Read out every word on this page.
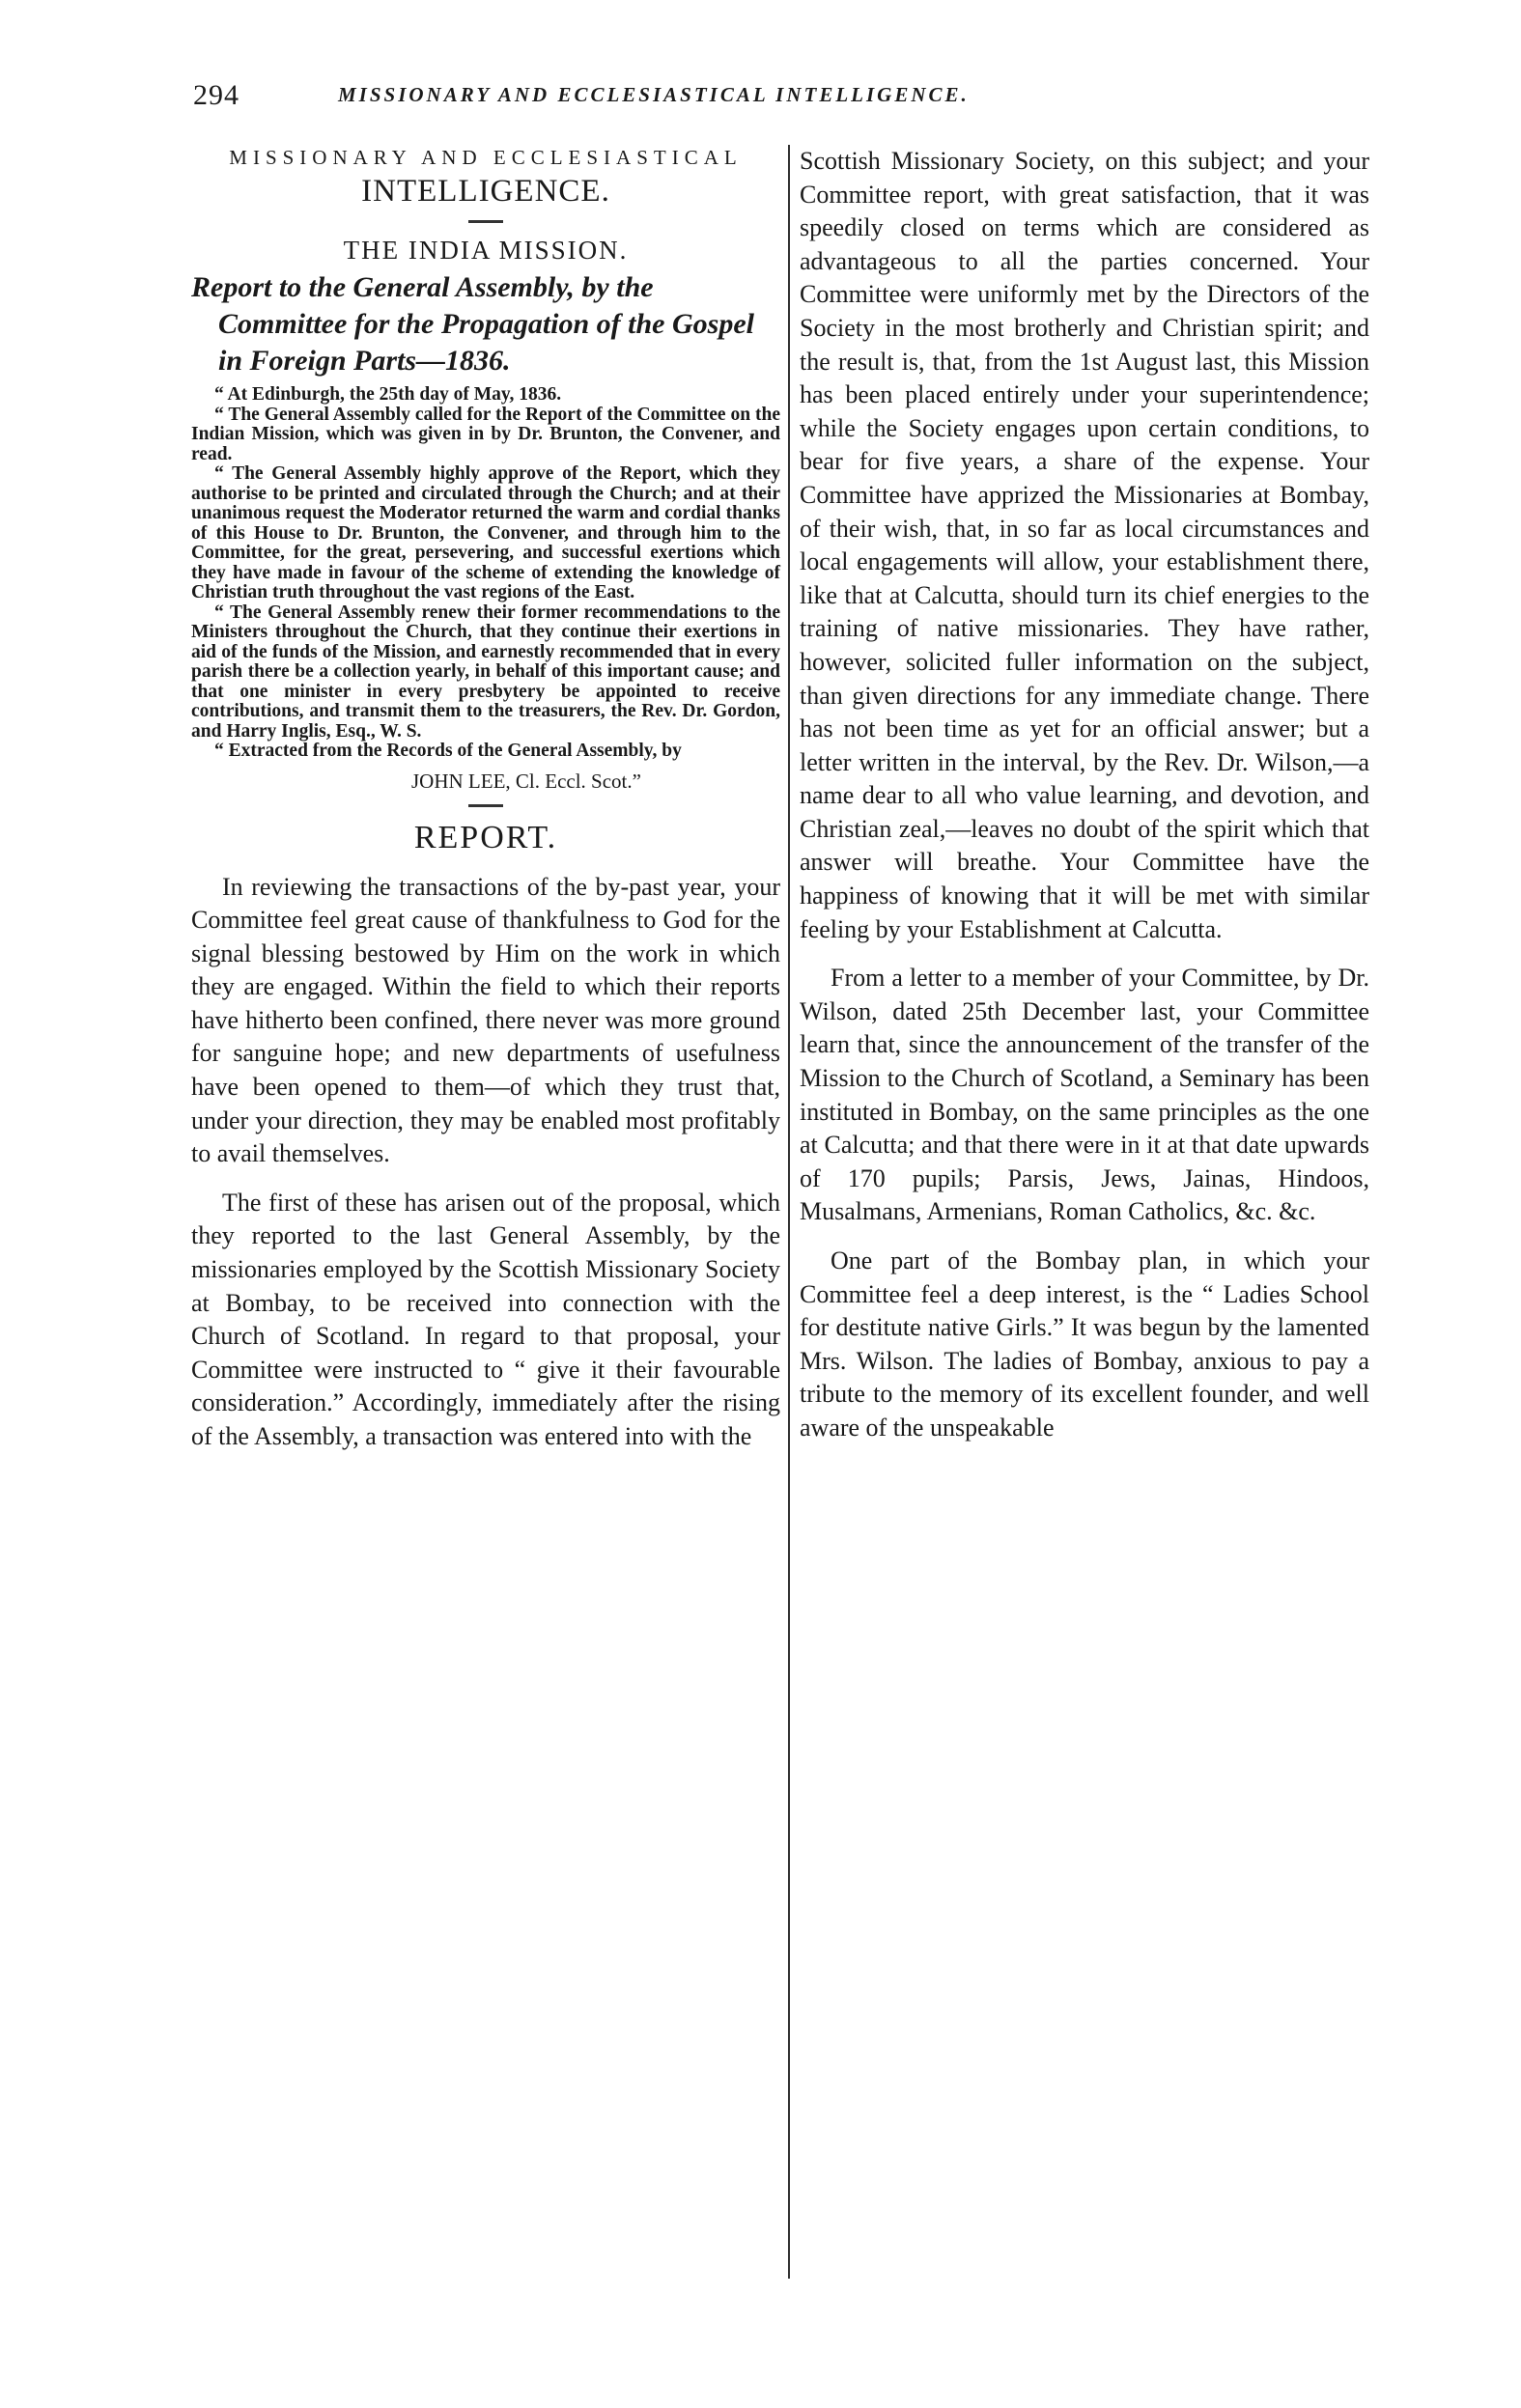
294	MISSIONARY AND ECCLESIASTICAL INTELLIGENCE.

MISSIONARY AND ECCLESIASTICAL

INTELLIGENCE.

THE INDIA MISSION.

Report to the General Assembly, by the Committee for the Propagation of the Gospel in Foreign Parts—1836.

“ At Edinburgh, the 25th day of May, 1836.

“ The General Assembly called for the Report of the Committee on the Indian Mission, which was given in by Dr. Brunton, the Convener, and read.

“ The General Assembly highly approve of the Report, which they authorise to be printed and circulated through the Church; and at their unanimous request the Moderator returned the warm and cordial thanks of this House to Dr. Brunton, the Convener, and through him to the Committee, for the great, persevering, and successful exertions which they have made in favour of the scheme of extending the knowledge of Christian truth throughout the vast regions of the East.

“ The General Assembly renew their former recommendations to the Ministers throughout the Church, that they continue their exertions in aid of the funds of the Mission, and earnestly recommended that in every parish there be a collection yearly, in behalf of this important cause; and that one minister in every presbytery be appointed to receive contributions, and transmit them to the treasurers, the Rev. Dr. Gordon, and Harry Inglis, Esq., W. S.

“ Extracted from the Records of the General Assembly, by

JOHN LEE, Cl. Eccl. Scot.”

REPORT.

In reviewing the transactions of the by-past year, your Committee feel great cause of thankfulness to God for the signal blessing bestowed by Him on the work in which they are engaged. Within the field to which their reports have hitherto been confined, there never was more ground for sanguine hope; and new departments of usefulness have been opened to them—of which they trust that, under your direction, they may be enabled most profitably to avail themselves.

The first of these has arisen out of the proposal, which they reported to the last General Assembly, by the missionaries employed by the Scottish Missionary Society at Bombay, to be received into connection with the Church of Scotland. In regard to that proposal, your Committee were instructed to “ give it their favourable consideration.” Accordingly, immediately after the rising of the Assembly, a transaction was entered into with the

Scottish Missionary Society, on this subject; and your Committee report, with great satisfaction, that it was speedily closed on terms which are considered as advantageous to all the parties concerned. Your Committee were uniformly met by the Directors of the Society in the most brotherly and Christian spirit; and the result is, that, from the 1st August last, this Mission has been placed entirely under your superintendence; while the Society engages upon certain conditions, to bear for five years, a share of the expense. Your Committee have apprized the Missionaries at Bombay, of their wish, that, in so far as local circumstances and local engagements will allow, your establishment there, like that at Calcutta, should turn its chief energies to the training of native missionaries. They have rather, however, solicited fuller information on the subject, than given directions for any immediate change. There has not been time as yet for an official answer; but a letter written in the interval, by the Rev. Dr. Wilson,—a name dear to all who value learning, and devotion, and Christian zeal,—leaves no doubt of the spirit which that answer will breathe. Your Committee have the happiness of knowing that it will be met with similar feeling by your Establishment at Calcutta.

From a letter to a member of your Committee, by Dr. Wilson, dated 25th December last, your Committee learn that, since the announcement of the transfer of the Mission to the Church of Scotland, a Seminary has been instituted in Bombay, on the same principles as the one at Calcutta; and that there were in it at that date upwards of 170 pupils; Parsis, Jews, Jainas, Hindoos, Musalmans, Armenians, Roman Catholics, &c. &c.

One part of the Bombay plan, in which your Committee feel a deep interest, is the “ Ladies School for destitute native Girls.” It was begun by the lamented Mrs. Wilson. The ladies of Bombay, anxious to pay a tribute to the memory of its excellent founder, and well aware of the unspeakable
